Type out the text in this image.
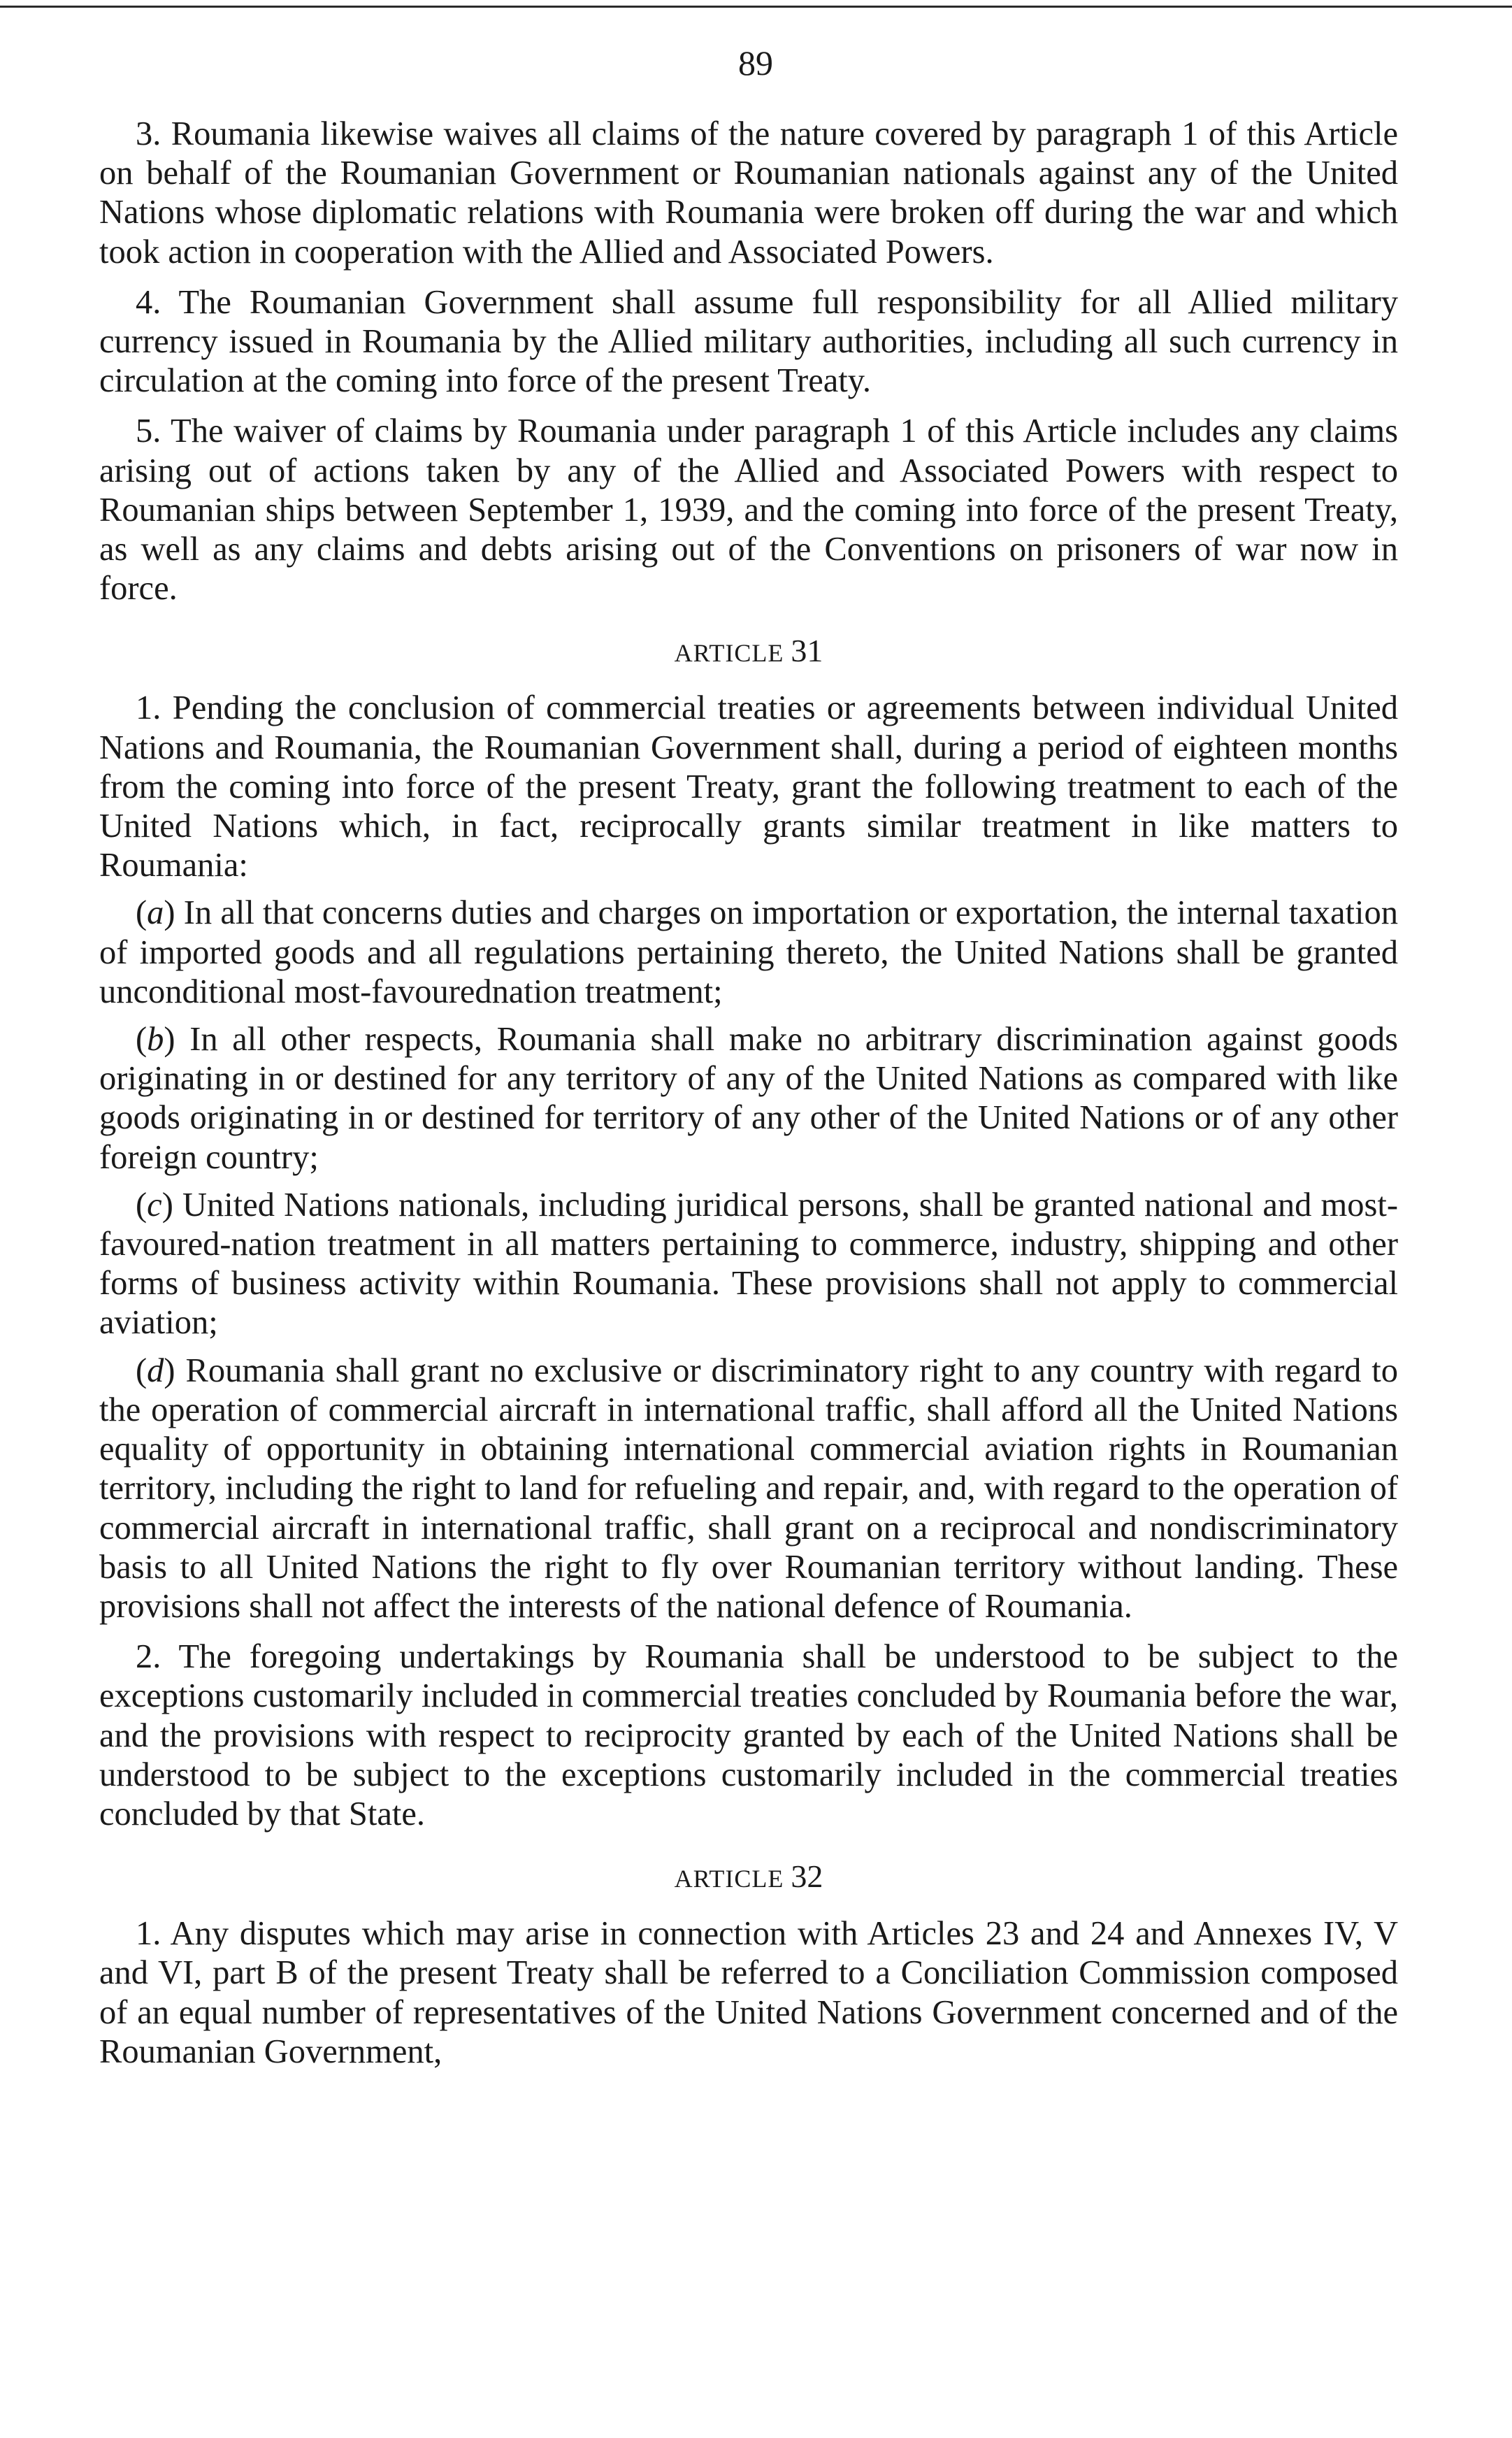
89

3. Roumania likewise waives all claims of the nature covered by paragraph 1 of this Article on behalf of the Roumanian Government or Roumanian nationals against any of the United Nations whose diplomatic relations with Roumania were broken off during the war and which took action in cooperation with the Allied and Associated Powers.

4. The Roumanian Government shall assume full responsibility for all Allied military currency issued in Roumania by the Allied military authorities, including all such currency in circulation at the coming into force of the present Treaty.

5. The waiver of claims by Roumania under paragraph 1 of this Article includes any claims arising out of actions taken by any of the Allied and Associated Powers with respect to Roumanian ships between September 1, 1939, and the coming into force of the present Treaty, as well as any claims and debts arising out of the Conventions on prisoners of war now in force.

ARTICLE 31

1. Pending the conclusion of commercial treaties or agreements between individual United Nations and Roumania, the Roumanian Government shall, during a period of eighteen months from the coming into force of the present Treaty, grant the following treatment to each of the United Nations which, in fact, reciprocally grants similar treatment in like matters to Roumania:

(a) In all that concerns duties and charges on importation or exportation, the internal taxation of imported goods and all regulations pertaining thereto, the United Nations shall be granted unconditional most-favourednation treatment;

(b) In all other respects, Roumania shall make no arbitrary discrimination against goods originating in or destined for any territory of any of the United Nations as compared with like goods originating in or destined for territory of any other of the United Nations or of any other foreign country;

(c) United Nations nationals, including juridical persons, shall be granted national and most-favoured-nation treatment in all matters pertaining to commerce, industry, shipping and other forms of business activity within Roumania. These provisions shall not apply to commercial aviation;

(d) Roumania shall grant no exclusive or discriminatory right to any country with regard to the operation of commercial aircraft in international traffic, shall afford all the United Nations equality of opportunity in obtaining international commercial aviation rights in Roumanian territory, including the right to land for refueling and repair, and, with regard to the operation of commercial aircraft in international traffic, shall grant on a reciprocal and nondiscriminatory basis to all United Nations the right to fly over Roumanian territory without landing. These provisions shall not affect the interests of the national defence of Roumania.

2. The foregoing undertakings by Roumania shall be understood to be subject to the exceptions customarily included in commercial treaties concluded by Roumania before the war, and the provisions with respect to reciprocity granted by each of the United Nations shall be understood to be subject to the exceptions customarily included in the commercial treaties concluded by that State.

ARTICLE 32

1. Any disputes which may arise in connection with Articles 23 and 24 and Annexes IV, V and VI, part B of the present Treaty shall be referred to a Conciliation Commission composed of an equal number of representatives of the United Nations Government concerned and of the Roumanian Government,
